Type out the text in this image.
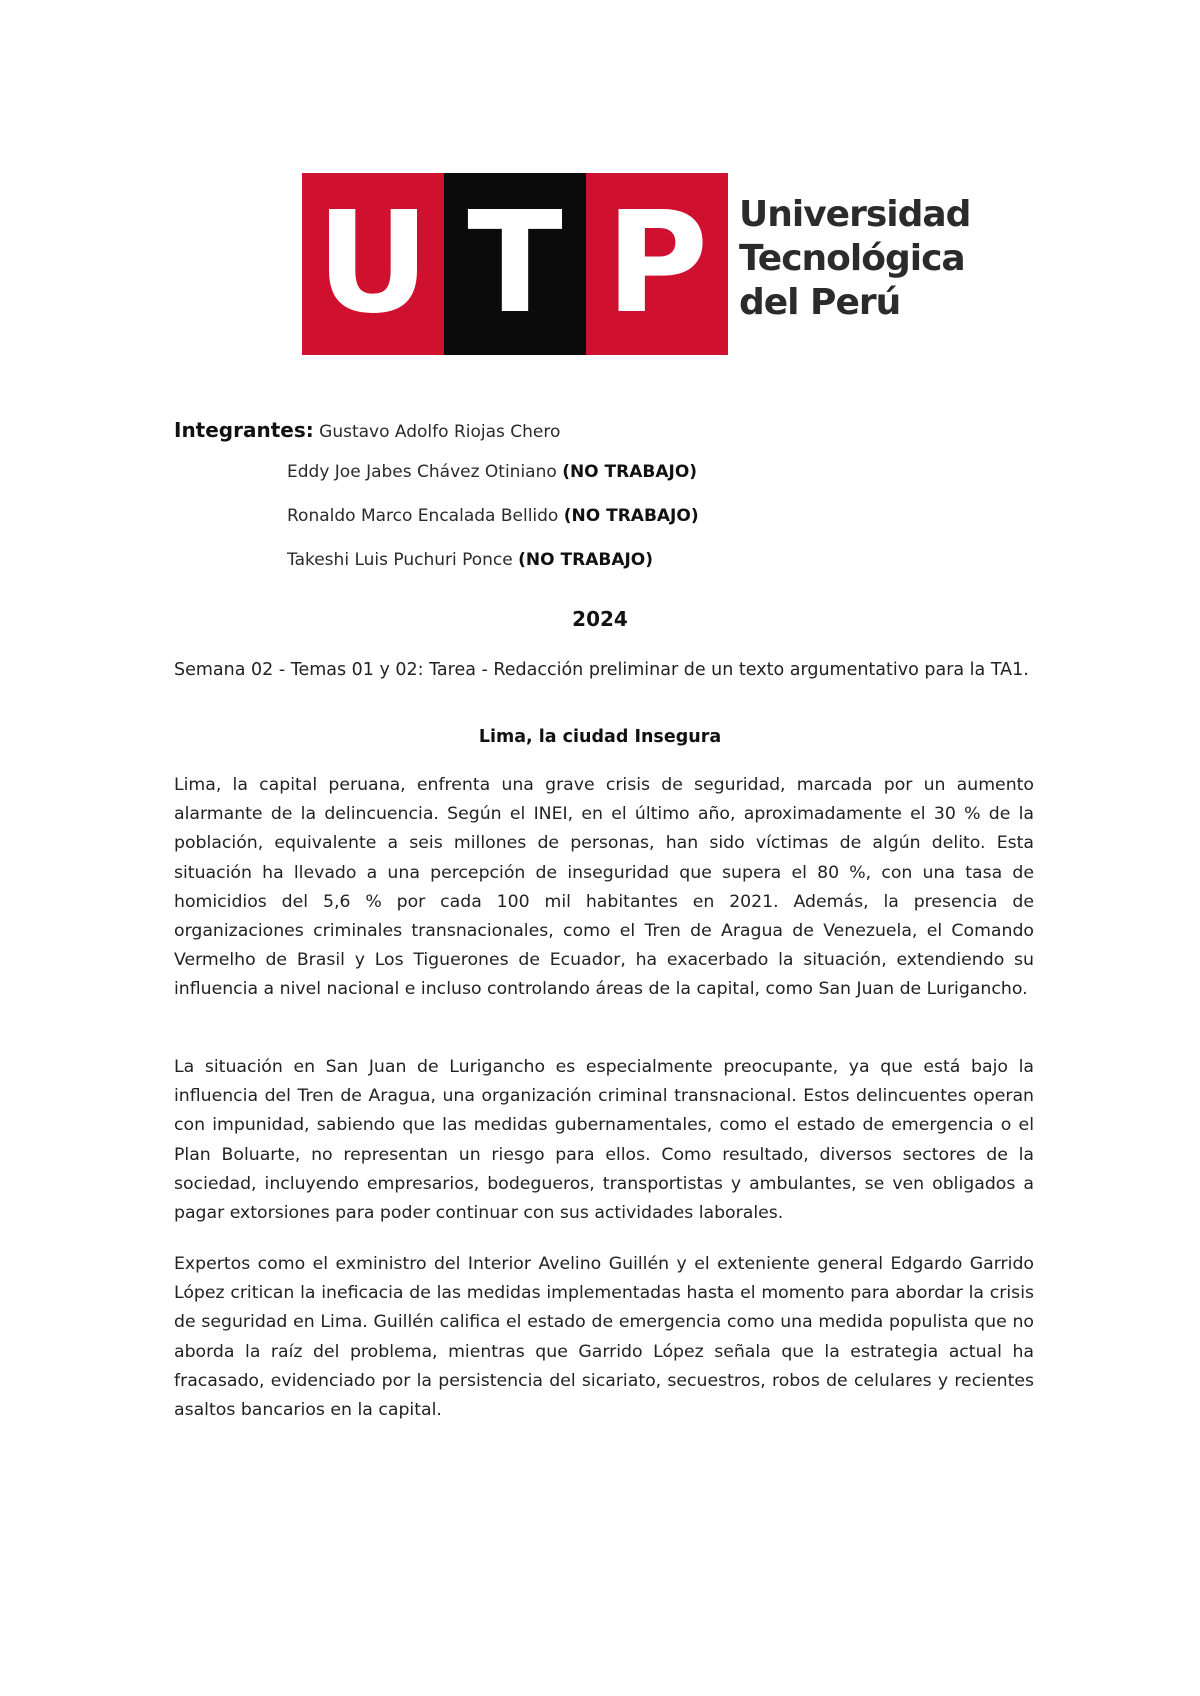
U T P Universidad
Tecnológica
del Perú
Integrantes: Gustavo Adolfo Riojas Chero
Eddy Joe Jabes Chávez Otiniano (NO TRABAJO)
Ronaldo Marco Encalada Bellido (NO TRABAJO)
Takeshi Luis Puchuri Ponce (NO TRABAJO)
2024
Semana 02 - Temas 01 y 02: Tarea - Redacción preliminar de un texto argumentativo para la TA1.
Lima, la ciudad Insegura

Lima, la capital peruana, enfrenta una grave crisis de seguridad, marcada por un aumento alarmante de la delincuencia. Según el INEI, en el último año, aproximadamente el 30 % de la población, equivalente a seis millones de personas, han sido víctimas de algún delito. Esta situación ha llevado a una percepción de inseguridad que supera el 80 %, con una tasa de homicidios del 5,6 % por cada 100 mil habitantes en 2021. Además, la presencia de organizaciones criminales transnacionales, como el Tren de Aragua de Venezuela, el Comando Vermelho de Brasil y Los Tiguerones de Ecuador, ha exacerbado la situación, extendiendo su influencia a nivel nacional e incluso controlando áreas de la capital, como San Juan de Lurigancho.

La situación en San Juan de Lurigancho es especialmente preocupante, ya que está bajo la influencia del Tren de Aragua, una organización criminal transnacional. Estos delincuentes operan con impunidad, sabiendo que las medidas gubernamentales, como el estado de emergencia o el Plan Boluarte, no representan un riesgo para ellos. Como resultado, diversos sectores de la sociedad, incluyendo empresarios, bodegueros, transportistas y ambulantes, se ven obligados a pagar extorsiones para poder continuar con sus actividades laborales.

Expertos como el exministro del Interior Avelino Guillén y el exteniente general Edgardo Garrido López critican la ineficacia de las medidas implementadas hasta el momento para abordar la crisis de seguridad en Lima. Guillén califica el estado de emergencia como una medida populista que no aborda la raíz del problema, mientras que Garrido López señala que la estrategia actual ha fracasado, evidenciado por la persistencia del sicariato, secuestros, robos de celulares y recientes asaltos bancarios en la capital.
